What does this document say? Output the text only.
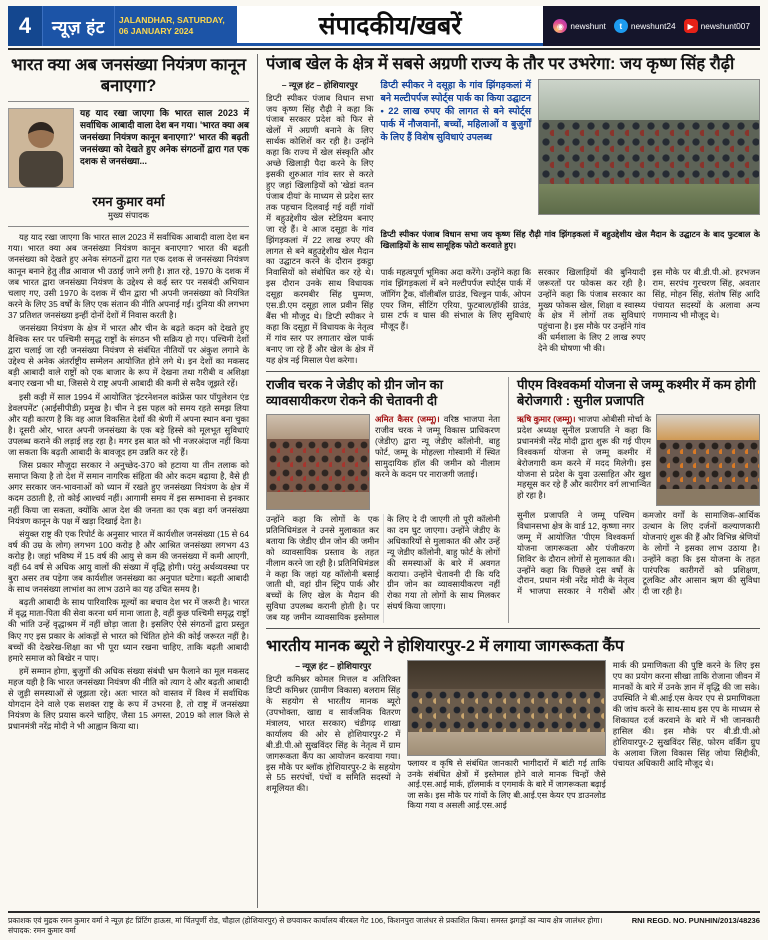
4	न्यूज़ हंट	JALANDHAR, SATURDAY,
06 JANUARY 2024	संपादकीय/खबरें	◉ newshunt	t	newshunt24	▶ newshunt007
भारत क्या अब जनसंख्या नियंत्रण कानून बनाएगा?

यह याद रखा जाएगा कि भारत साल 2023 में सर्वाधिक आबादी वाला देश बन गया। 'भारत क्या अब जनसंख्या नियंत्रण कानून बनाएगा?' भारत की बढ़ती जनसंख्या को देखते हुए अनेक संगठनों द्वारा गत एक दशक से जनसंख्या...

रमन कुमार वर्मा
मुख्य संपादक

यह याद रखा जाएगा कि भारत साल 2023 में सर्वाधिक आबादी वाला देश बन गया। भारत क्या अब जनसंख्या नियंत्रण कानून बनाएगा? भारत की बढ़ती जनसंख्या को देखते हुए अनेक संगठनों द्वारा गत एक दशक से जनसंख्या नियंत्रण कानून बनाने हेतु तीव्र आवाज भी उठाई जाने लगी है। ज्ञात रहे, 1970 के दशक में जब भारत द्वारा जनसंख्या नियंत्रण के उद्देश्य से कई स्तर पर नसबंदी अभियान चलाए गए, उसी 1970 के दशक में चीन द्वारा भी अपनी जनसंख्या को नियंत्रित करने के लिए 35 वर्षों के लिए एक संतान की नीति अपनाई गई। दुनिया की लगभग 37 प्रतिशत जनसंख्या इन्हीं दोनों देशों में निवास करती है।

जनसंख्या नियंत्रण के क्षेत्र में भारत और चीन के बढ़ते कदम को देखते हुए वैश्विक स्तर पर पश्चिमी समृद्ध राष्ट्रों के संगठन भी सक्रिय हो गए। पश्चिमी देशों द्वारा चलाई जा रही जनसंख्या नियंत्रण से संबंधित नीतियों पर अंकुश लगाने के उद्देश्य से अनेक अंतर्राष्ट्रीय सम्मेलन आयोजित होने लगे थे। इन देशों का मकसद बड़ी आबादी वाले राष्ट्रों को एक बाजार के रूप में देखना तथा गरीबी व अशिक्षा बनाए रखना भी था, जिससे ये राष्ट्र अपनी आबादी की कमी से सदैव जूझते रहें।

इसी कड़ी में साल 1994 में आयोजित 'इंटरनेशनल कांफ्रेंस फार पॉपुलेशन एंड डेवलपमेंट' (आईसीपीडी) प्रमुख है। चीन ने इस पहल को समय रहते समझ लिया और यही कारण है कि वह आज विकसित देशों की श्रेणी में अपना स्थान बना चुका है। दूसरी ओर, भारत अपनी जनसंख्या के एक बड़े हिस्से को मूलभूत सुविधाएं उपलब्ध कराने की लड़ाई लड़ रहा है। मगर इस बात को भी नजरअंदाज नहीं किया जा सकता कि बढ़ती आबादी के बावजूद हम उन्नति कर रहे हैं।

जिस प्रकार मौजूदा सरकार ने अनुच्छेद-370 को हटाया या तीन तलाक को समाप्त किया है तो देश में समान नागरिक संहिता की ओर कदम बढ़ाया है, वैसे ही अगर सरकार जन-भावनाओं को ध्यान में रखते हुए जनसंख्या नियंत्रण के क्षेत्र में कदम उठाती है, तो कोई आश्चर्य नहीं। आगामी समय में इस सम्भावना से इनकार नहीं किया जा सकता, क्योंकि आज देश की जनता का एक बड़ा वर्ग जनसंख्या नियंत्रण कानून के पक्ष में खड़ा दिखाई देता है।

संयुक्त राष्ट्र की एक रिपोर्ट के अनुसार भारत में कार्यशील जनसंख्या (15 से 64 वर्ष की उम्र के लोग) लगभग 100 करोड़ है और आश्रित जनसंख्या लगभग 43 करोड़ है। जहां भविष्य में 15 वर्ष की आयु से कम की जनसंख्या में कमी आएगी, वहीं 64 वर्ष से अधिक आयु वालों की संख्या में वृद्धि होगी। परंतु अर्थव्यवस्था पर बुरा असर तब पड़ेगा जब कार्यशील जनसंख्या का अनुपात घटेगा। बढ़ती आबादी के साथ जनसंख्या लाभांश का लाभ उठाने का यह उचित समय है।

बढ़ती आबादी के साथ पारिवारिक मूल्यों का बचाव देश भर में जरूरी है। भारत में वृद्ध माता-पिता की सेवा करना धर्म माना जाता है, वहीं कुछ पश्चिमी समृद्ध राष्ट्रों की भांति उन्हें वृद्धाश्रम में नहीं छोड़ा जाता है। इसलिए ऐसे संगठनों द्वारा प्रस्तुत किए गए इस प्रकार के आंकड़ों से भारत को चिंतित होने की कोई जरूरत नहीं है। बच्चों की देखरेख-शिक्षा का भी पूरा ध्यान रखना चाहिए, ताकि बढ़ती आबादी हमारे समाज को बिखेर न पाए।

हमें सम्मान होगा, बुजुर्गों की अधिक संख्या संबंधी भ्रम फैलाने का मूल मकसद महज यही है कि भारत जनसंख्या नियंत्रण की नीति को त्याग दे और बढ़ती आबादी से जुड़ी समस्याओं से जूझता रहे। अतः भारत को वास्तव में विश्व में सर्वाधिक योगदान देने वाले एक सशक्त राष्ट्र के रूप में उभरना है, तो राष्ट्र में जनसंख्या नियंत्रण के लिए प्रयास करने चाहिए, जैसा 15 अगस्त, 2019 को लाल किले से प्रधानमंत्री नरेंद्र मोदी ने भी आह्वान किया था।

पंजाब खेल के क्षेत्र में सबसे अग्रणी राज्य के तौर पर उभरेगा: जय कृष्ण सिंह रौढ़ी
– न्यूज़ हंट – होशियारपुर

डिप्टी स्पीकर पंजाब विधान सभा जय कृष्ण सिंह रौढ़ी ने कहा कि पंजाब सरकार प्रदेश को फिर से खेलों में अग्रणी बनाने के लिए सार्थक कोशिशें कर रही है। उन्होंने कहा कि राज्य में खेल संस्कृति और अच्छे खिलाड़ी पैदा करने के लिए इसकी शुरुआत गांव स्तर से करते हुए जहां खिलाड़ियों को 'खेडां वतन पंजाब दीयां' के माध्यम से प्रदेश स्तर तक पहचान दिलवाई गई वहीं गांवों में बहुउद्देशीय खेल स्टेडियम बनाए जा रहे हैं। वे आज दसूहा के गांव झिंगड़कलां में 22 लाख रुपए की लागत से बने बहुउद्देशीय खेल मैदान का उद्घाटन करने के दौरान इकट्ठा निवासियों को संबोधित कर रहे थे। इस दौरान उनके साथ विधायक दसूहा करमबीर सिंह घुम्मण, एस.डी.एम दसूहा लाल प्रवीन सिंह बैंस भी मौजूद थे। डिप्टी स्पीकर ने कहा कि दसूहा में विधायक के नेतृत्व में गांव स्तर पर लगातार खेल पार्क बनाए जा रहे हैं और खेल के क्षेत्र में यह क्षेत्र नई मिसाल पेश करेगा।

डिप्टी स्पीकर ने दसूहा के गांव झिंगड़कलां में बने मल्टीपर्पज स्पोर्ट्स पार्क का किया उद्घाटन • 22 लाख रुपए की लागत से बने स्पोर्ट्स पार्क में नौजवानों, बच्चों, महिलाओं व बुजुर्गों के लिए हैं विशेष सुविधाएं उपलब्ध
डिप्टी स्पीकर पंजाब विधान सभा जय कृष्ण सिंह रौढ़ी गांव झिंगड़कलां में बहुउद्देशीय खेल मैदान के उद्घाटन के बाद फुटबाल के खिलाड़ियों के साथ सामूहिक फोटो करवाते हुए।

पार्क महत्वपूर्ण भूमिका अदा करेंगे। उन्होंने कहा कि गांव झिंगड़कलां में बने मल्टीपर्पज स्पोर्ट्स पार्क में जॉगिंग ट्रैक, वॉलीबॉल ग्राउंड, चिल्ड्रन पार्क, ओपन एयर जिम, सीटिंग एरिया, फुटबाल/हॉकी ग्राउंड, ग्रास टर्फ व घास की संभाल के लिए सुविधाएं मौजूद हैं।

सरकार खिलाड़ियों की बुनियादी जरूरतों पर फोकस कर रही है। उन्होंने कहा कि पंजाब सरकार का मुख्य फोकस खेल, शिक्षा व स्वास्थ्य के क्षेत्र में लोगों तक सुविधाएं पहुंचाना है। इस मौके पर उन्होंने गांव की धर्मशाला के लिए 2 लाख रुपए देने की घोषणा भी की।

इस मौके पर बी.डी.पी.ओ. हरभजन राम, सरपंच गुरचरण सिंह, अवतार सिंह, मोहन सिंह, संतोष सिंह आदि पंचायत सदस्यों के अलावा अन्य गणमान्य भी मौजूद थे।

राजीव चरक ने जेडीए को ग्रीन जोन का व्यावसायीकरण रोकने की चेतावनी दी

अमित कैसर (जम्मू)। वरिष्ठ भाजपा नेता राजीव चरक ने जम्मू विकास प्राधिकरण (जेडीए) द्वारा न्यू जेडीए कॉलोनी, बाहु फोर्ट, जम्मू के मोहल्ला गोस्वामी में स्थित सामुदायिक हॉल की जमीन को नीलाम करने के कदम पर नाराजगी जताई।

उन्होंने कहा कि लोगों के एक प्रतिनिधिमंडल ने उनसे मुलाकात कर बताया कि जेडीए ग्रीन जोन की जमीन को व्यावसायिक प्रस्ताव के तहत नीलाम करने जा रही है। प्रतिनिधिमंडल ने कहा कि जहां यह कॉलोनी बसाई जाती थी, वहां ग्रीन स्ट्रिप पार्क और बच्चों के लिए खेल के मैदान की सुविधा उपलब्ध करानी होती है। पर जब यह जमीन व्यावसायिक इस्तेमाल के लिए दे दी जाएगी तो पूरी कॉलोनी का दम घुट जाएगा। उन्होंने जेडीए के अधिकारियों से मुलाकात की और उन्हें न्यू जेडीए कॉलोनी, बाहु फोर्ट के लोगों की समस्याओं के बारे में अवगत कराया। उन्होंने चेतावनी दी कि यदि ग्रीन जोन का व्यावसायीकरण नहीं रोका गया तो लोगों के साथ मिलकर संघर्ष किया जाएगा।

पीएम विश्वकर्मा योजना से जम्मू कश्मीर में कम होगी बेरोजगारी : सुनील प्रजापति

ऋषि कुमार (जम्मू)। भाजपा ओबीसी मोर्चा के प्रदेश अध्यक्ष सुनील प्रजापति ने कहा कि प्रधानमंत्री नरेंद्र मोदी द्वारा शुरू की गई पीएम विश्वकर्मा योजना से जम्मू कश्मीर में बेरोजगारी कम करने में मदद मिलेगी। इस योजना से प्रदेश के युवा उत्साहित और खुश महसूस कर रहे हैं और कारीगर वर्ग लाभान्वित हो रहा है।

सुनील प्रजापति ने जम्मू पश्चिम विधानसभा क्षेत्र के वार्ड 12, कृष्णा नगर जम्मू में आयोजित 'पीएम विश्वकर्मा योजना जागरूकता और पंजीकरण शिविर' के दौरान लोगों से मुलाकात की। उन्होंने कहा कि पिछले दस वर्षों के दौरान, प्रधान मंत्री नरेंद्र मोदी के नेतृत्व में भाजपा सरकार ने गरीबों और कमजोर वर्गों के सामाजिक-आर्थिक उत्थान के लिए दर्जनों कल्याणकारी योजनाएं शुरू की हैं और विभिन्न श्रेणियों के लोगों ने इसका लाभ उठाया है। उन्होंने कहा कि इस योजना के तहत पारंपरिक कारीगरों को प्रशिक्षण, टूलकिट और आसान ऋण की सुविधा दी जा रही है।

भारतीय मानक ब्यूरो ने होशियारपुर-2 में लगाया जागरूकता कैंप
– न्यूज़ हंट – होशियारपुर

डिप्टी कमिश्नर कोमल मित्तल व अतिरिक्त डिप्टी कमिश्नर (ग्रामीण विकास) बलराम सिंह के सहयोग से भारतीय मानक ब्यूरो (उपभोक्ता, खाद्य व सार्वजनिक वितरण मंत्रालय, भारत सरकार) चंडीगढ़ शाखा कार्यालय की ओर से होशियारपुर-2 में बी.डी.पी.ओ सुखविंदर सिंह के नेतृत्व में ग्राम जागरूकता कैंप का आयोजन करवाया गया। इस मौके पर ब्लॉक होशियारपुर-2 के सहयोग से 55 सरपंचों, पंचों व समिति सदस्यों ने शमूलियत की।

फ्लायर व कृषि से संबंधित जानकारी भागीदारों में बांटी गई ताकि उनके संबंधित क्षेत्रों में इस्तेमाल होने वाले मानक चिन्हों जैसे आई.एस.आई मार्क, हॉलमार्क व एगमार्क के बारे में जागरूकता बढ़ाई जा सके। इस मौके पर गांवों के लिए बी.आई.एस केयर एप डाउनलोड किया गया व असली आई.एस.आई

मार्क की प्रमाणिकता की पुष्टि करने के लिए इस एप का प्रयोग करना सीखा ताकि रोजाना जीवन में मानकों के बारे में उनके ज्ञान में वृद्धि की जा सके। उपस्थिति ने बी.आई.एस केयर एप से प्रमाणिकता की जांच करने के साथ-साथ इस एप के माध्यम से शिकायत दर्ज करवाने के बारे में भी जानकारी हासिल की। इस मौके पर बी.डी.पी.ओ होशियारपुर-2 सुखविंदर सिंह, फोरम वर्किंग ग्रुप के अलावा जिला विकास सिंह जोया सिद्दीकी, पंचायत अधिकारी आदि मौजूद थे।

प्रकाशक एवं मुद्रक रमन कुमार वर्मा ने न्यूज़ हंट प्रिंटिंग हाऊस, मां चिंतपूर्णी रोड, चौहाल (होशियारपुर) से छपवाकर कार्यालय बीरबल गेट 106, किशनपुरा जालंधर से प्रकाशित किया। समस्त झगड़ों का न्याय क्षेत्र जालंधर होगा। संपादक: रमन कुमार वर्मा
RNI REGD. NO. PUNHIN/2013/48236
